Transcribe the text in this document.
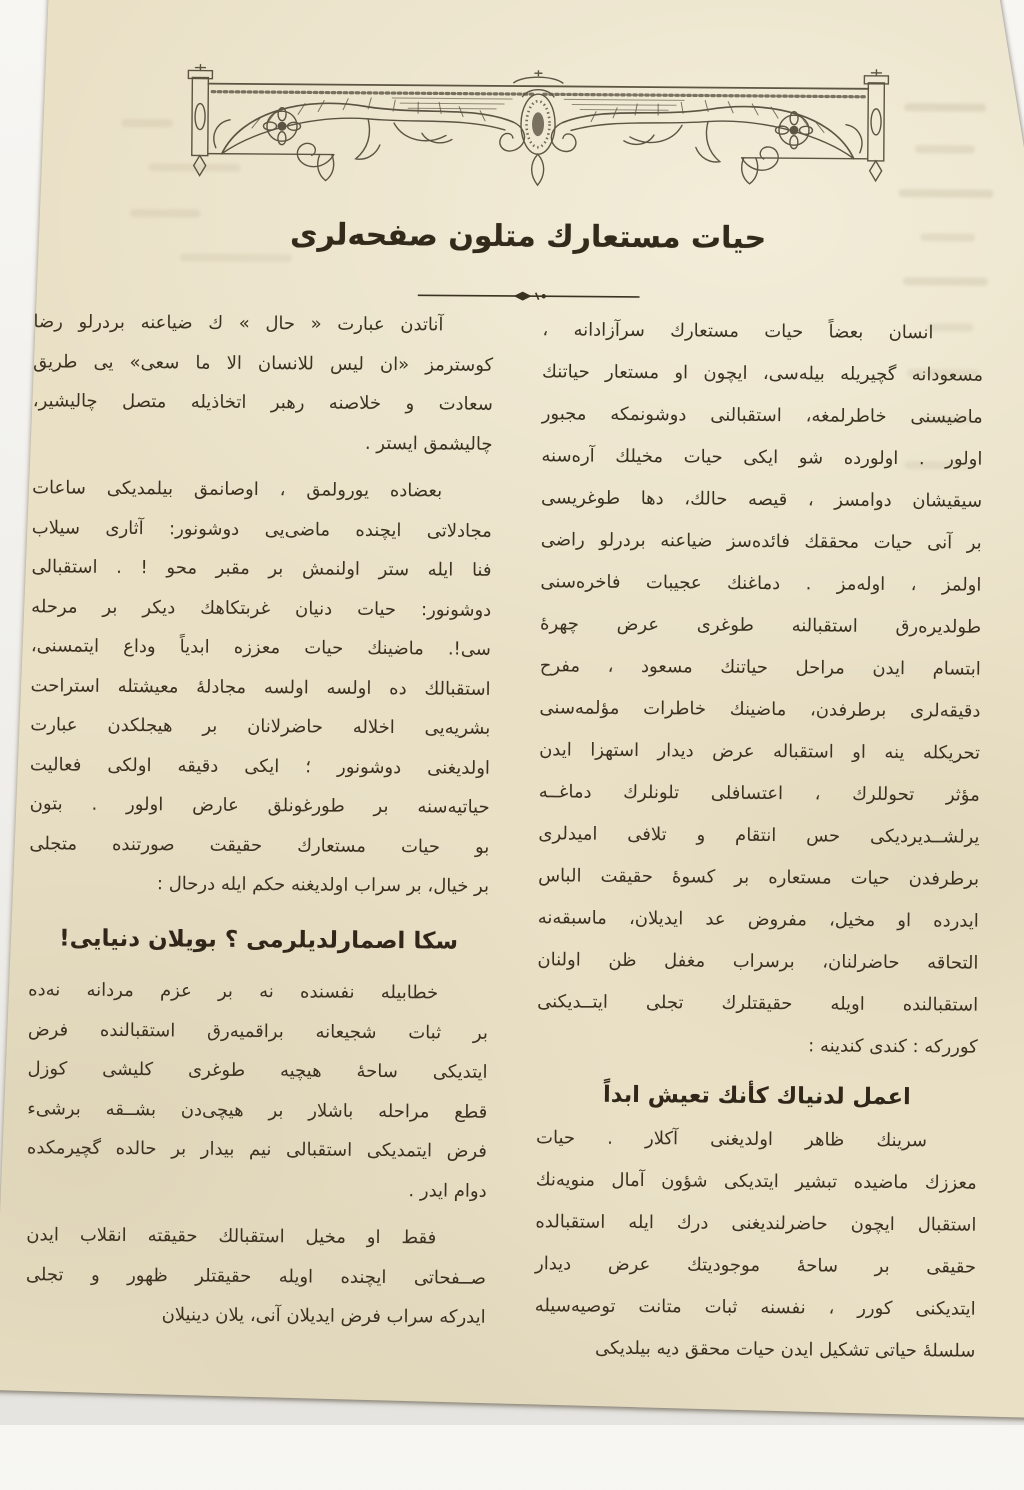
حيات مستعارك متلون صفحه‌لرى
انسان بعضاً حيات مستعارك سرآزادانه ،
مسعودانه گچيريله بيله‌سى، ايچون او مستعار حياتنك
ماضيسنى خاطرلمغه، استقبالنى دوشونمكه مجبور
اولور . اولورده شو ايكى حيات مخيلك آره‌سنه
سيقيشان دوامسز ، قيصه حالك، دها طوغريسى
بر آنى حيات محققك فائده‌سز ضياعنه بردرلو راضى
اولمز ، اوله‌مز . دماغنك عجيبات فاخره‌سنى
طولديره‌رق استقبالنه طوغرى عرض چهرهٔ
ابتسام ايدن مراحل حياتنك مسعود ، مفرح
دقيقه‌لرى برطرفدن، ماضينك خاطرات مؤلمه‌سنى
تحريكله ينه او استقباله عرض ديدار استهزا ايدن
مؤثر تحوللرك ، اعتسافلى تلونلرك دماغــه
يرلشــديرديكى حس انتقام و تلافى اميدلرى
برطرفدن حيات مستعاره بر كسوهٔ حقيقت الباس
ايدرده او مخيل، مفروض عد ايديلان، ماسبقه‌نه
التحاقه حاضرلنان، برسراب مغفل ظن اولنان
استقبالنده اويله حقيقتلرك تجلى ايتــديكنى
كورركه : كندى كندينه :
اعمل لدنياك كأنك تعيش ابداً
سرينك ظاهر اولديغنى آكلار . حيات
معززك ماضيده تبشير ايتديكى شؤون آمال منويه‌نك
استقبال ايچون حاضرلنديغنى درك ايله استقبالده
حقيقى بر ساحهٔ موجوديتك عرض ديدار
ايتديكنى كورر ، نفسنه ثبات متانت توصيه‌سيله
سلسلهٔ حياتى تشكيل ايدن حيات محقق ديه بيلديكى
آناتدن عبارت « حال » ك ضياعنه بردرلو رضا
كوسترمز «ان ليس للانسان الا ما سعى» يى طريق
سعادت و خلاصنه رهبر اتخاذيله متصل چاليشير،
چاليشمق ايستر .
بعضاده يورولمق ، اوصانمق بيلمديكى ساعات
مجادلاتى ايچنده ماضى‌يى دوشونور: آثارى سيلاب
فنا ايله ستر اولنمش بر مقبر محو ! . استقبالى
دوشونور: حيات دنيان غربتكاهك ديكر بر مرحله
سى!. ماضينك حيات معززه ابدياً وداع ايتمسنى،
استقبالك ده اولسه اولسه مجادلهٔ معيشتله استراحت
بشريه‌يى اخلاله حاضرلانان بر هيجلكدن عبارت
اولديغنى دوشونور ؛ ايكى دقيقه اولكى فعاليت
حياتيه‌سنه بر طورغونلق عارض اولور . بتون
بو حيات مستعارك حقيقت صورتنده متجلى
بر خيال، بر سراب اولديغنه حكم ايله درحال :
سكا اصمارلديلرمى ؟ بويلان دنيايى!
خطابيله نفسنده نه بر عزم مردانه نه‌ده
بر ثبات شجيعانه براقميه‌رق استقبالنده فرض
ايتديكى ساحهٔ هيچيه طوغرى كليشى كوزل
قطع مراحله باشلار بر هيچى‌دن بشــقه برشىء
فرض ايتمديكى استقبالى نيم بيدار بر حالده گچيرمكده
دوام ايدر .
فقط او مخيل استقبالك حقيقته انقلاب ايدن
صــفحاتى ايچنده اويله حقيقتلر ظهور و تجلى
ايدركه سراب فرض ايديلان آنى، يلان دينيلان
